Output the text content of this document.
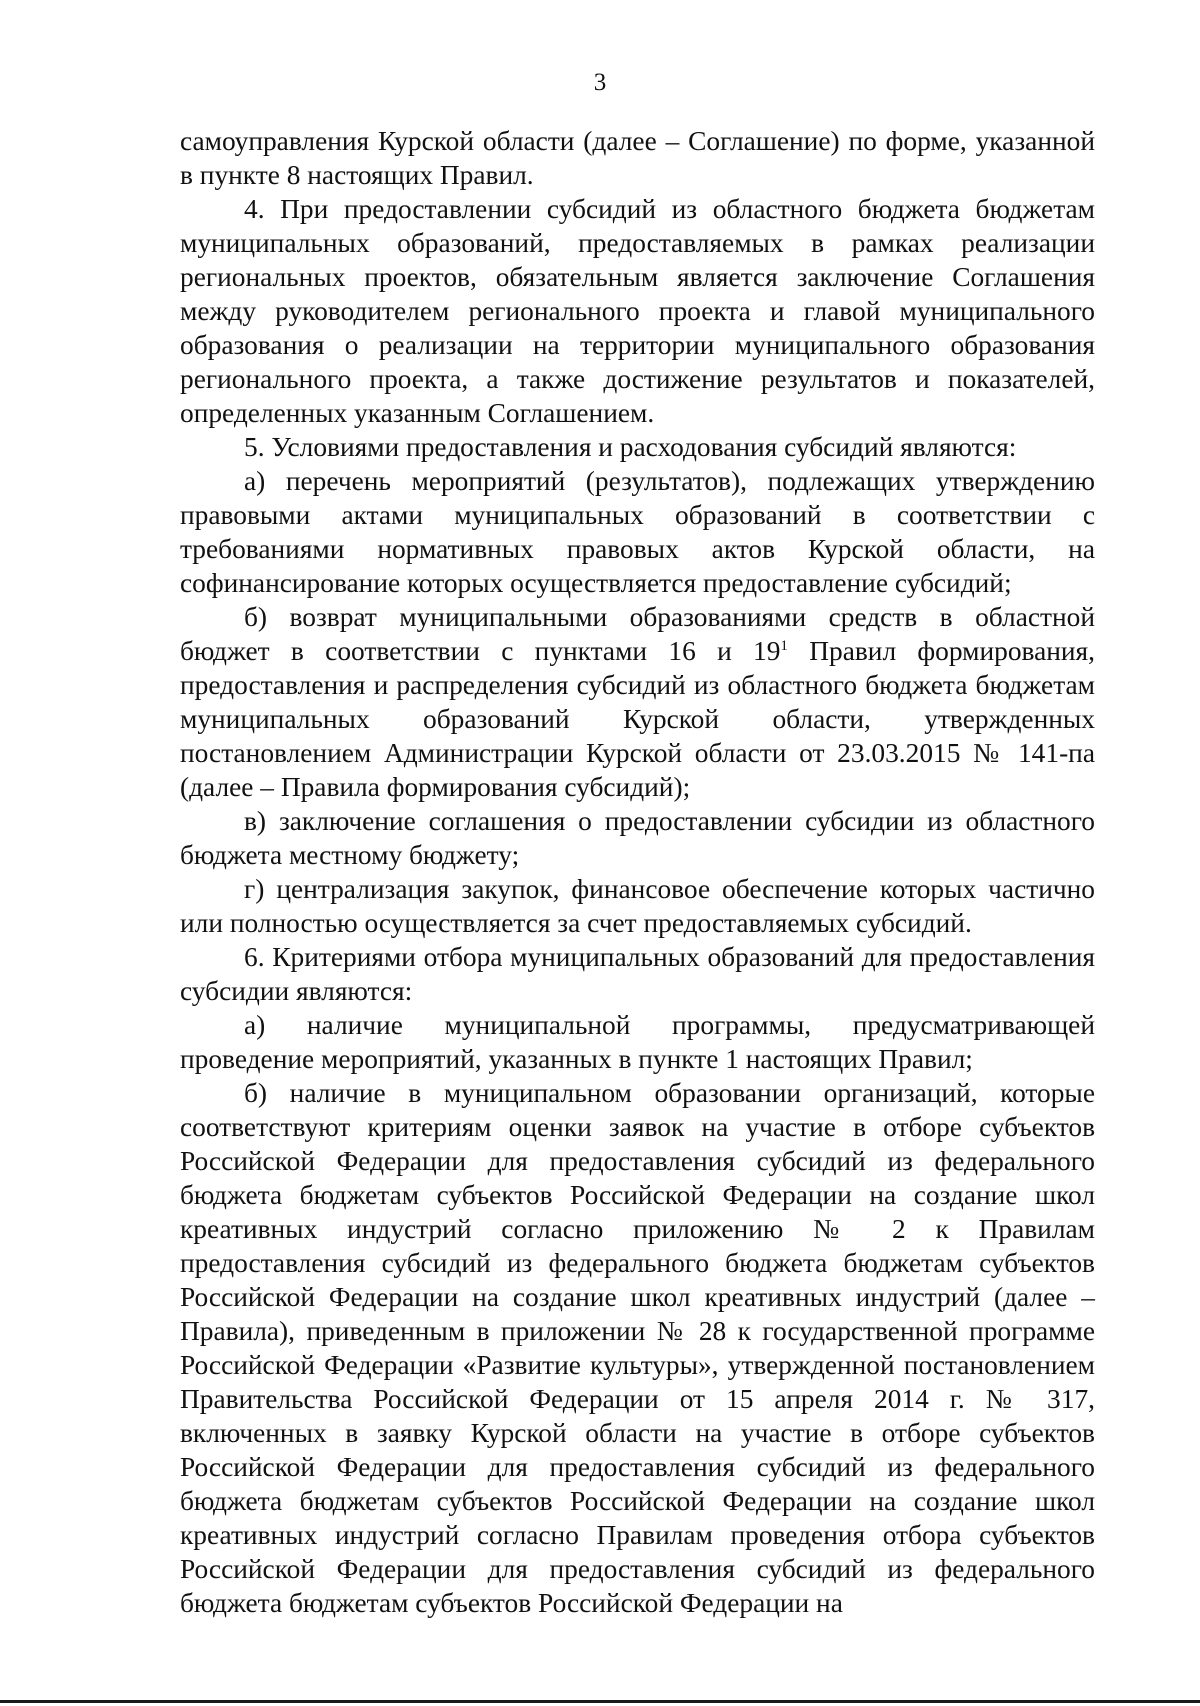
3

самоуправления Курской области (далее – Соглашение) по форме, указанной в пункте 8 настоящих Правил.

4. При предоставлении субсидий из областного бюджета бюджетам муниципальных образований, предоставляемых в рамках реализации региональных проектов, обязательным является заключение Соглашения между руководителем регионального проекта и главой муниципального образования о реализации на территории муниципального образования регионального проекта, а также достижение результатов и показателей, определенных указанным Соглашением.

5. Условиями предоставления и расходования субсидий являются:

а) перечень мероприятий (результатов), подлежащих утверждению правовыми актами муниципальных образований в соответствии с требованиями нормативных правовых актов Курской области, на софинансирование которых осуществляется предоставление субсидий;

б) возврат муниципальными образованиями средств в областной бюджет в соответствии с пунктами 16 и $19^1$ Правил формирования, предоставления и распределения субсидий из областного бюджета бюджетам муниципальных образований Курской области, утвержденных постановлением Администрации Курской области от 23.03.2015 № 141-па (далее – Правила формирования субсидий);

в) заключение соглашения о предоставлении субсидии из областного бюджета местному бюджету;

г) централизация закупок, финансовое обеспечение которых частично или полностью осуществляется за счет предоставляемых субсидий.

6. Критериями отбора муниципальных образований для предоставления субсидии являются:

а) наличие муниципальной программы, предусматривающей проведение мероприятий, указанных в пункте 1 настоящих Правил;

б) наличие в муниципальном образовании организаций, которые соответствуют критериям оценки заявок на участие в отборе субъектов Российской Федерации для предоставления субсидий из федерального бюджета бюджетам субъектов Российской Федерации на создание школ креативных индустрий согласно приложению № 2 к Правилам предоставления субсидий из федерального бюджета бюджетам субъектов Российской Федерации на создание школ креативных индустрий (далее – Правила), приведенным в приложении № 28 к государственной программе Российской Федерации «Развитие культуры», утвержденной постановлением Правительства Российской Федерации от 15 апреля 2014 г. № 317, включенных в заявку Курской области на участие в отборе субъектов Российской Федерации для предоставления субсидий из федерального бюджета бюджетам субъектов Российской Федерации на создание школ креативных индустрий согласно Правилам проведения отбора субъектов Российской Федерации для предоставления субсидий из федерального бюджета бюджетам субъектов Российской Федерации на
